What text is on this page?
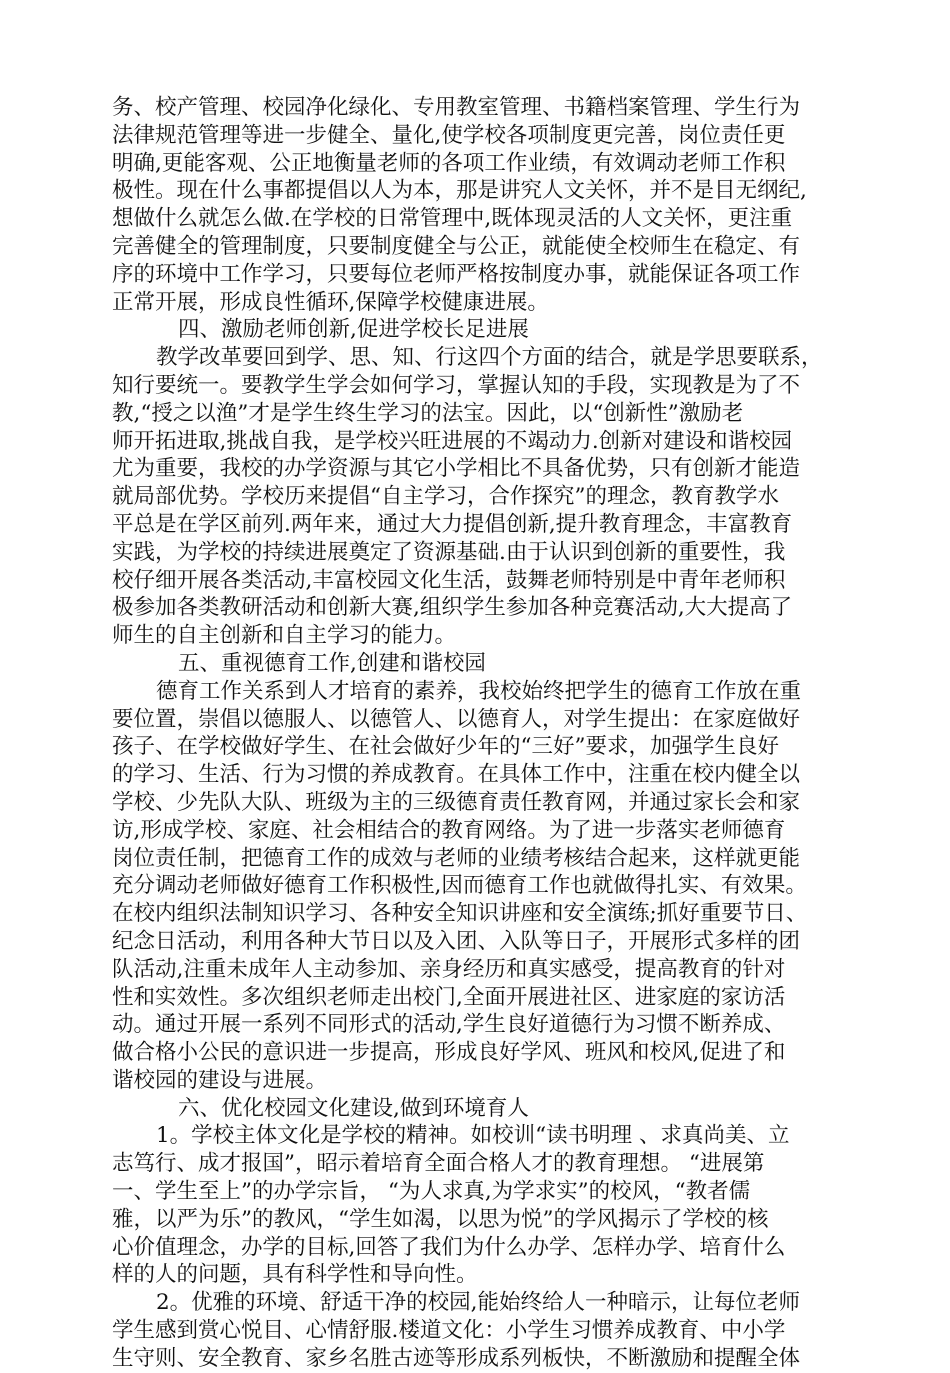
务、校产管理、校园净化绿化、专用教室管理、书籍档案管理、学生行为
法律规范管理等进一步健全、量化,使学校各项制度更完善，岗位责任更
明确,更能客观、公正地衡量老师的各项工作业绩，有效调动老师工作积
极性。现在什么事都提倡以人为本，那是讲究人文关怀，并不是目无纲纪,
想做什么就怎么做.在学校的日常管理中,既体现灵活的人文关怀，更注重
完善健全的管理制度，只要制度健全与公正，就能使全校师生在稳定、有
序的环境中工作学习，只要每位老师严格按制度办事，就能保证各项工作
正常开展，形成良性循环,保障学校健康进展。
四、激励老师创新,促进学校长足进展
教学改革要回到学、思、知、行这四个方面的结合，就是学思要联系，
知行要统一。要教学生学会如何学习，掌握认知的手段，实现教是为了不
教,“授之以渔”才是学生终生学习的法宝。因此，以“创新性”激励老
师开拓进取,挑战自我，是学校兴旺进展的不竭动力.创新对建设和谐校园
尤为重要，我校的办学资源与其它小学相比不具备优势，只有创新才能造
就局部优势。学校历来提倡“自主学习，合作探究”的理念，教育教学水
平总是在学区前列.两年来，通过大力提倡创新,提升教育理念，丰富教育
实践，为学校的持续进展奠定了资源基础.由于认识到创新的重要性，我
校仔细开展各类活动,丰富校园文化生活，鼓舞老师特别是中青年老师积
极参加各类教研活动和创新大赛,组织学生参加各种竞赛活动,大大提高了
师生的自主创新和自主学习的能力。
五、重视德育工作,创建和谐校园
德育工作关系到人才培育的素养，我校始终把学生的德育工作放在重
要位置，崇倡以德服人、以德管人、以德育人，对学生提出：在家庭做好
孩子、在学校做好学生、在社会做好少年的“三好”要求，加强学生良好
的学习、生活、行为习惯的养成教育。在具体工作中，注重在校内健全以
学校、少先队大队、班级为主的三级德育责任教育网，并通过家长会和家
访,形成学校、家庭、社会相结合的教育网络。为了进一步落实老师德育
岗位责任制，把德育工作的成效与老师的业绩考核结合起来，这样就更能
充分调动老师做好德育工作积极性,因而德育工作也就做得扎实、有效果。
在校内组织法制知识学习、各种安全知识讲座和安全演练;抓好重要节日、
纪念日活动，利用各种大节日以及入团、入队等日子，开展形式多样的团
队活动,注重未成年人主动参加、亲身经历和真实感受，提高教育的针对
性和实效性。多次组织老师走出校门,全面开展进社区、进家庭的家访活
动。通过开展一系列不同形式的活动,学生良好道德行为习惯不断养成、
做合格小公民的意识进一步提高，形成良好学风、班风和校风,促进了和
谐校园的建设与进展。
六、优化校园文化建设,做到环境育人
1。学校主体文化是学校的精神。如校训“读书明理 、求真尚美、立
志笃行、成才报国”，昭示着培育全面合格人才的教育理想。 “进展第
一、学生至上”的办学宗旨， “为人求真,为学求实”的校风，“教者儒
雅，以严为乐”的教风，“学生如渴，以思为悦”的学风揭示了学校的核
心价值理念，办学的目标,回答了我们为什么办学、怎样办学、培育什么
样的人的问题，具有科学性和导向性。
2。优雅的环境、舒适干净的校园,能始终给人一种暗示，让每位老师
学生感到赏心悦目、心情舒服.楼道文化：小学生习惯养成教育、中小学
生守则、安全教育、家乡名胜古迹等形成系列板快，不断激励和提醒全体
